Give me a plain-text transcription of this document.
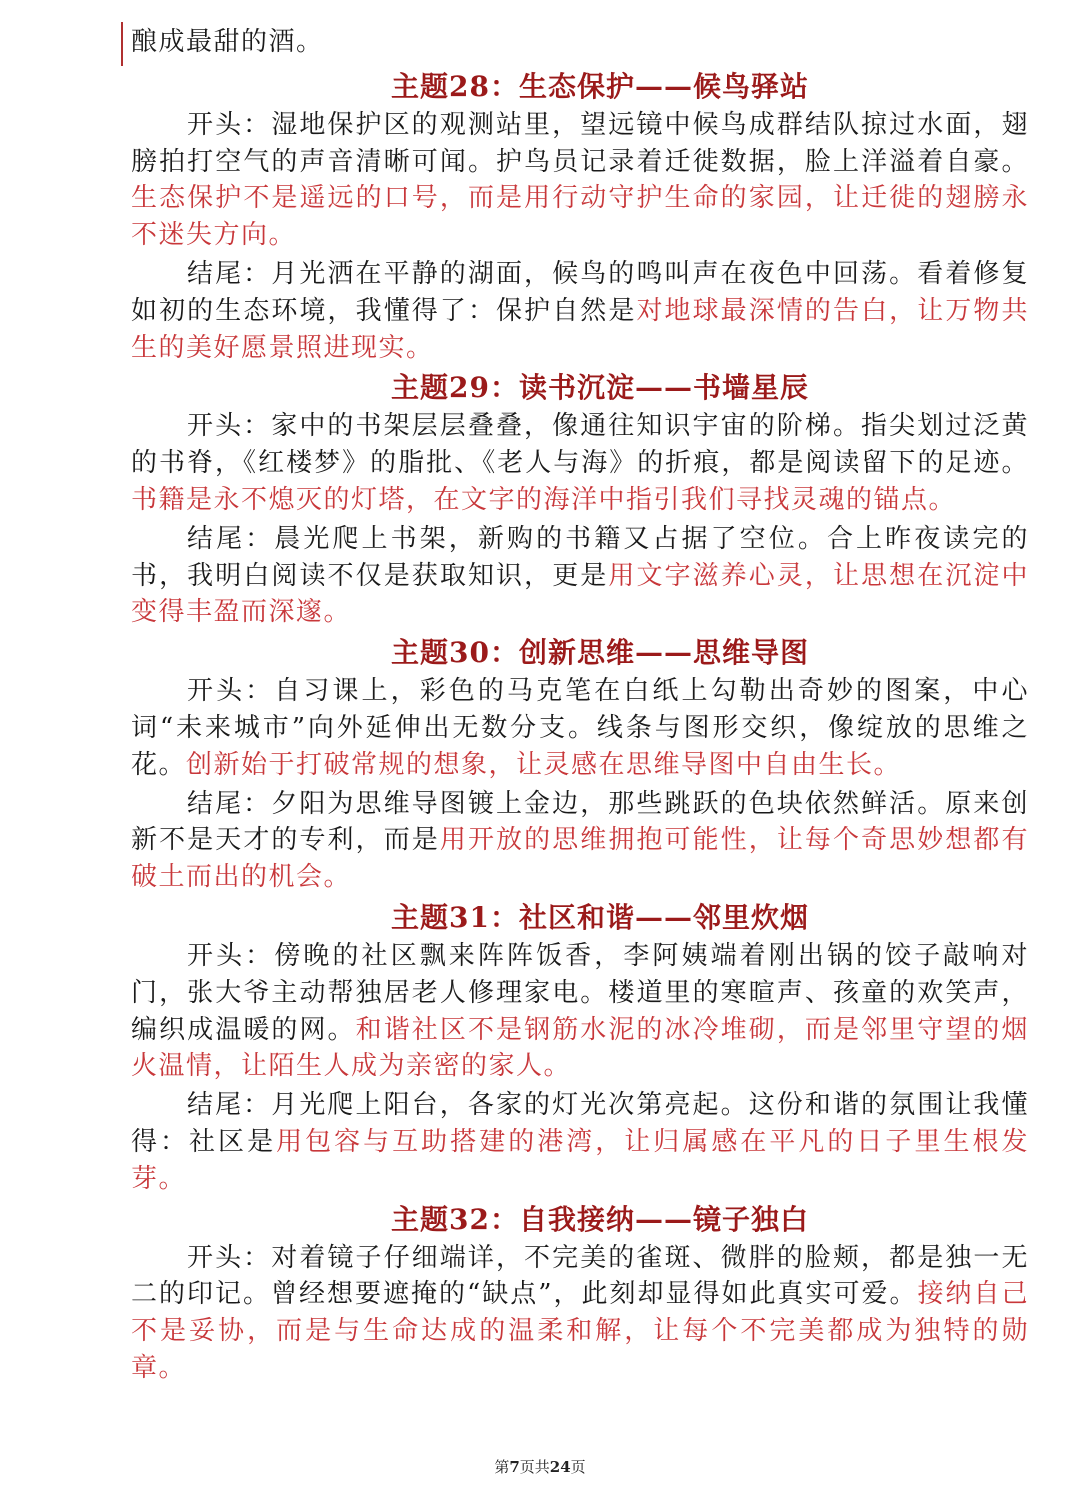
酿成最甜的酒。

主题28：生态保护——候鸟驿站

开头：湿地保护区的观测站里，望远镜中候鸟成群结队掠过水面，翅膀拍打空气的声音清晰可闻。护鸟员记录着迁徙数据，脸上洋溢着自豪。生态保护不是遥远的口号，而是用行动守护生命的家园，让迁徙的翅膀永不迷失方向。

结尾：月光洒在平静的湖面，候鸟的鸣叫声在夜色中回荡。看着修复如初的生态环境，我懂得了：保护自然是对地球最深情的告白，让万物共生的美好愿景照进现实。

主题29：读书沉淀——书墙星辰

开头：家中的书架层层叠叠，像通往知识宇宙的阶梯。指尖划过泛黄的书脊，《红楼梦》的脂批、《老人与海》的折痕，都是阅读留下的足迹。书籍是永不熄灭的灯塔，在文字的海洋中指引我们寻找灵魂的锚点。

结尾：晨光爬上书架，新购的书籍又占据了空位。合上昨夜读完的书，我明白阅读不仅是获取知识，更是用文字滋养心灵，让思想在沉淀中变得丰盈而深邃。

主题30：创新思维——思维导图

开头：自习课上，彩色的马克笔在白纸上勾勒出奇妙的图案，中心词“未来城市”向外延伸出无数分支。线条与图形交织，像绽放的思维之花。创新始于打破常规的想象，让灵感在思维导图中自由生长。

结尾：夕阳为思维导图镀上金边，那些跳跃的色块依然鲜活。原来创新不是天才的专利，而是用开放的思维拥抱可能性，让每个奇思妙想都有破土而出的机会。

主题31：社区和谐——邻里炊烟

开头：傍晚的社区飘来阵阵饭香，李阿姨端着刚出锅的饺子敲响对门，张大爷主动帮独居老人修理家电。楼道里的寒暄声、孩童的欢笑声，编织成温暖的网。和谐社区不是钢筋水泥的冰冷堆砌，而是邻里守望的烟火温情，让陌生人成为亲密的家人。

结尾：月光爬上阳台，各家的灯光次第亮起。这份和谐的氛围让我懂得：社区是用包容与互助搭建的港湾，让归属感在平凡的日子里生根发芽。

主题32：自我接纳——镜子独白

开头：对着镜子仔细端详，不完美的雀斑、微胖的脸颊，都是独一无二的印记。曾经想要遮掩的“缺点”，此刻却显得如此真实可爱。接纳自己不是妥协，而是与生命达成的温柔和解，让每个不完美都成为独特的勋章。

第7页共24页
